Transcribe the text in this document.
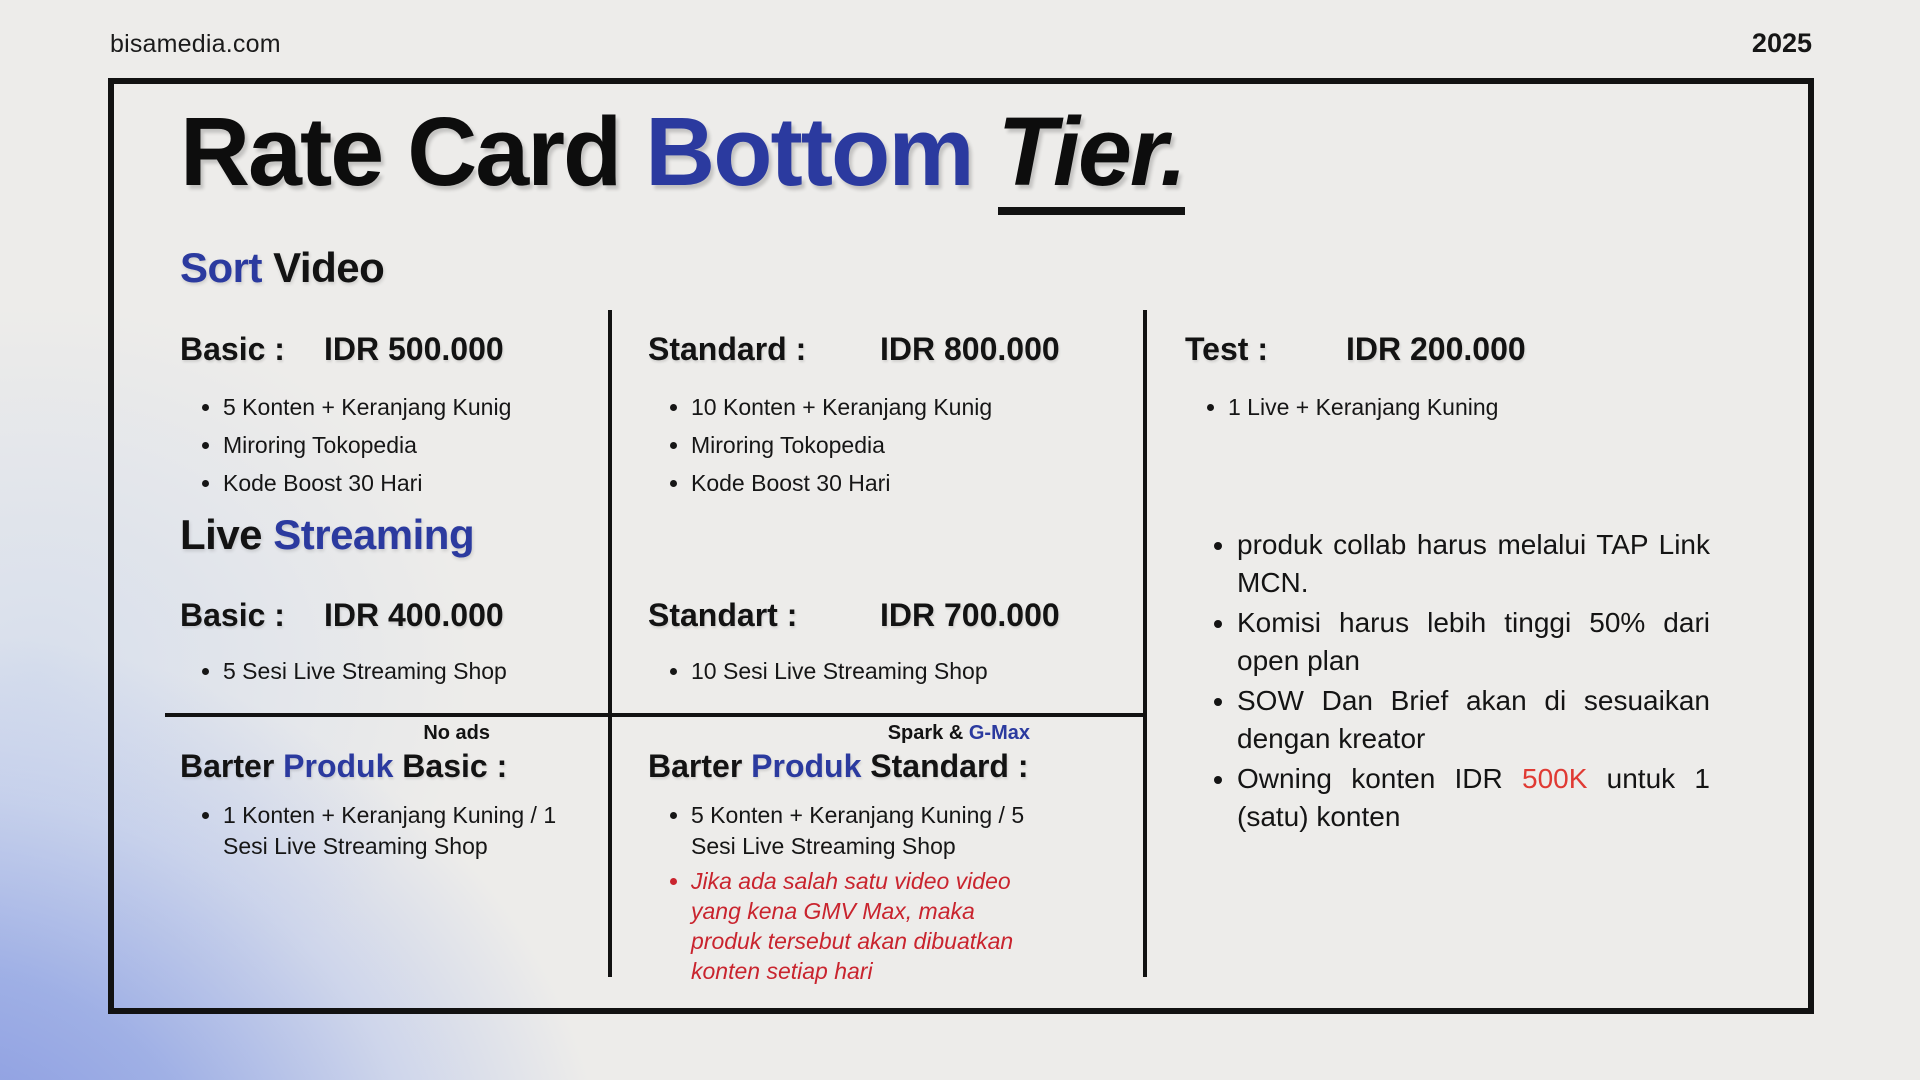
bisamedia.com	2025
Rate Card Bottom Tier.
Sort Video
Basic :	IDR 500.000
• 5 Konten + Keranjang Kunig
• Miroring Tokopedia
• Kode Boost 30 Hari
Standard :	IDR 800.000
• 10 Konten + Keranjang Kunig
• Miroring Tokopedia
• Kode Boost 30 Hari
Test :	IDR 200.000
• 1 Live + Keranjang Kuning
Live Streaming
Basic :	IDR 400.000
• 5 Sesi Live Streaming Shop
Standart :	IDR 700.000
• 10 Sesi Live Streaming Shop
No ads
Barter
Produk
Basic :
• 1 Konten + Keranjang Kuning / 1 Sesi Live Streaming Shop
Spark & G-Max
Barter
Produk
Standard :
• 5 Konten + Keranjang Kuning / 5 Sesi Live Streaming Shop
• Jika ada salah satu video video yang kena GMV Max, maka produk tersebut akan dibuatkan konten setiap hari
• produk collab harus melalui TAP Link MCN.
• Komisi harus lebih tinggi 50% dari open plan
• SOW Dan Brief akan di sesuaikan dengan kreator
• Owning konten IDR 500K untuk 1 (satu) konten
